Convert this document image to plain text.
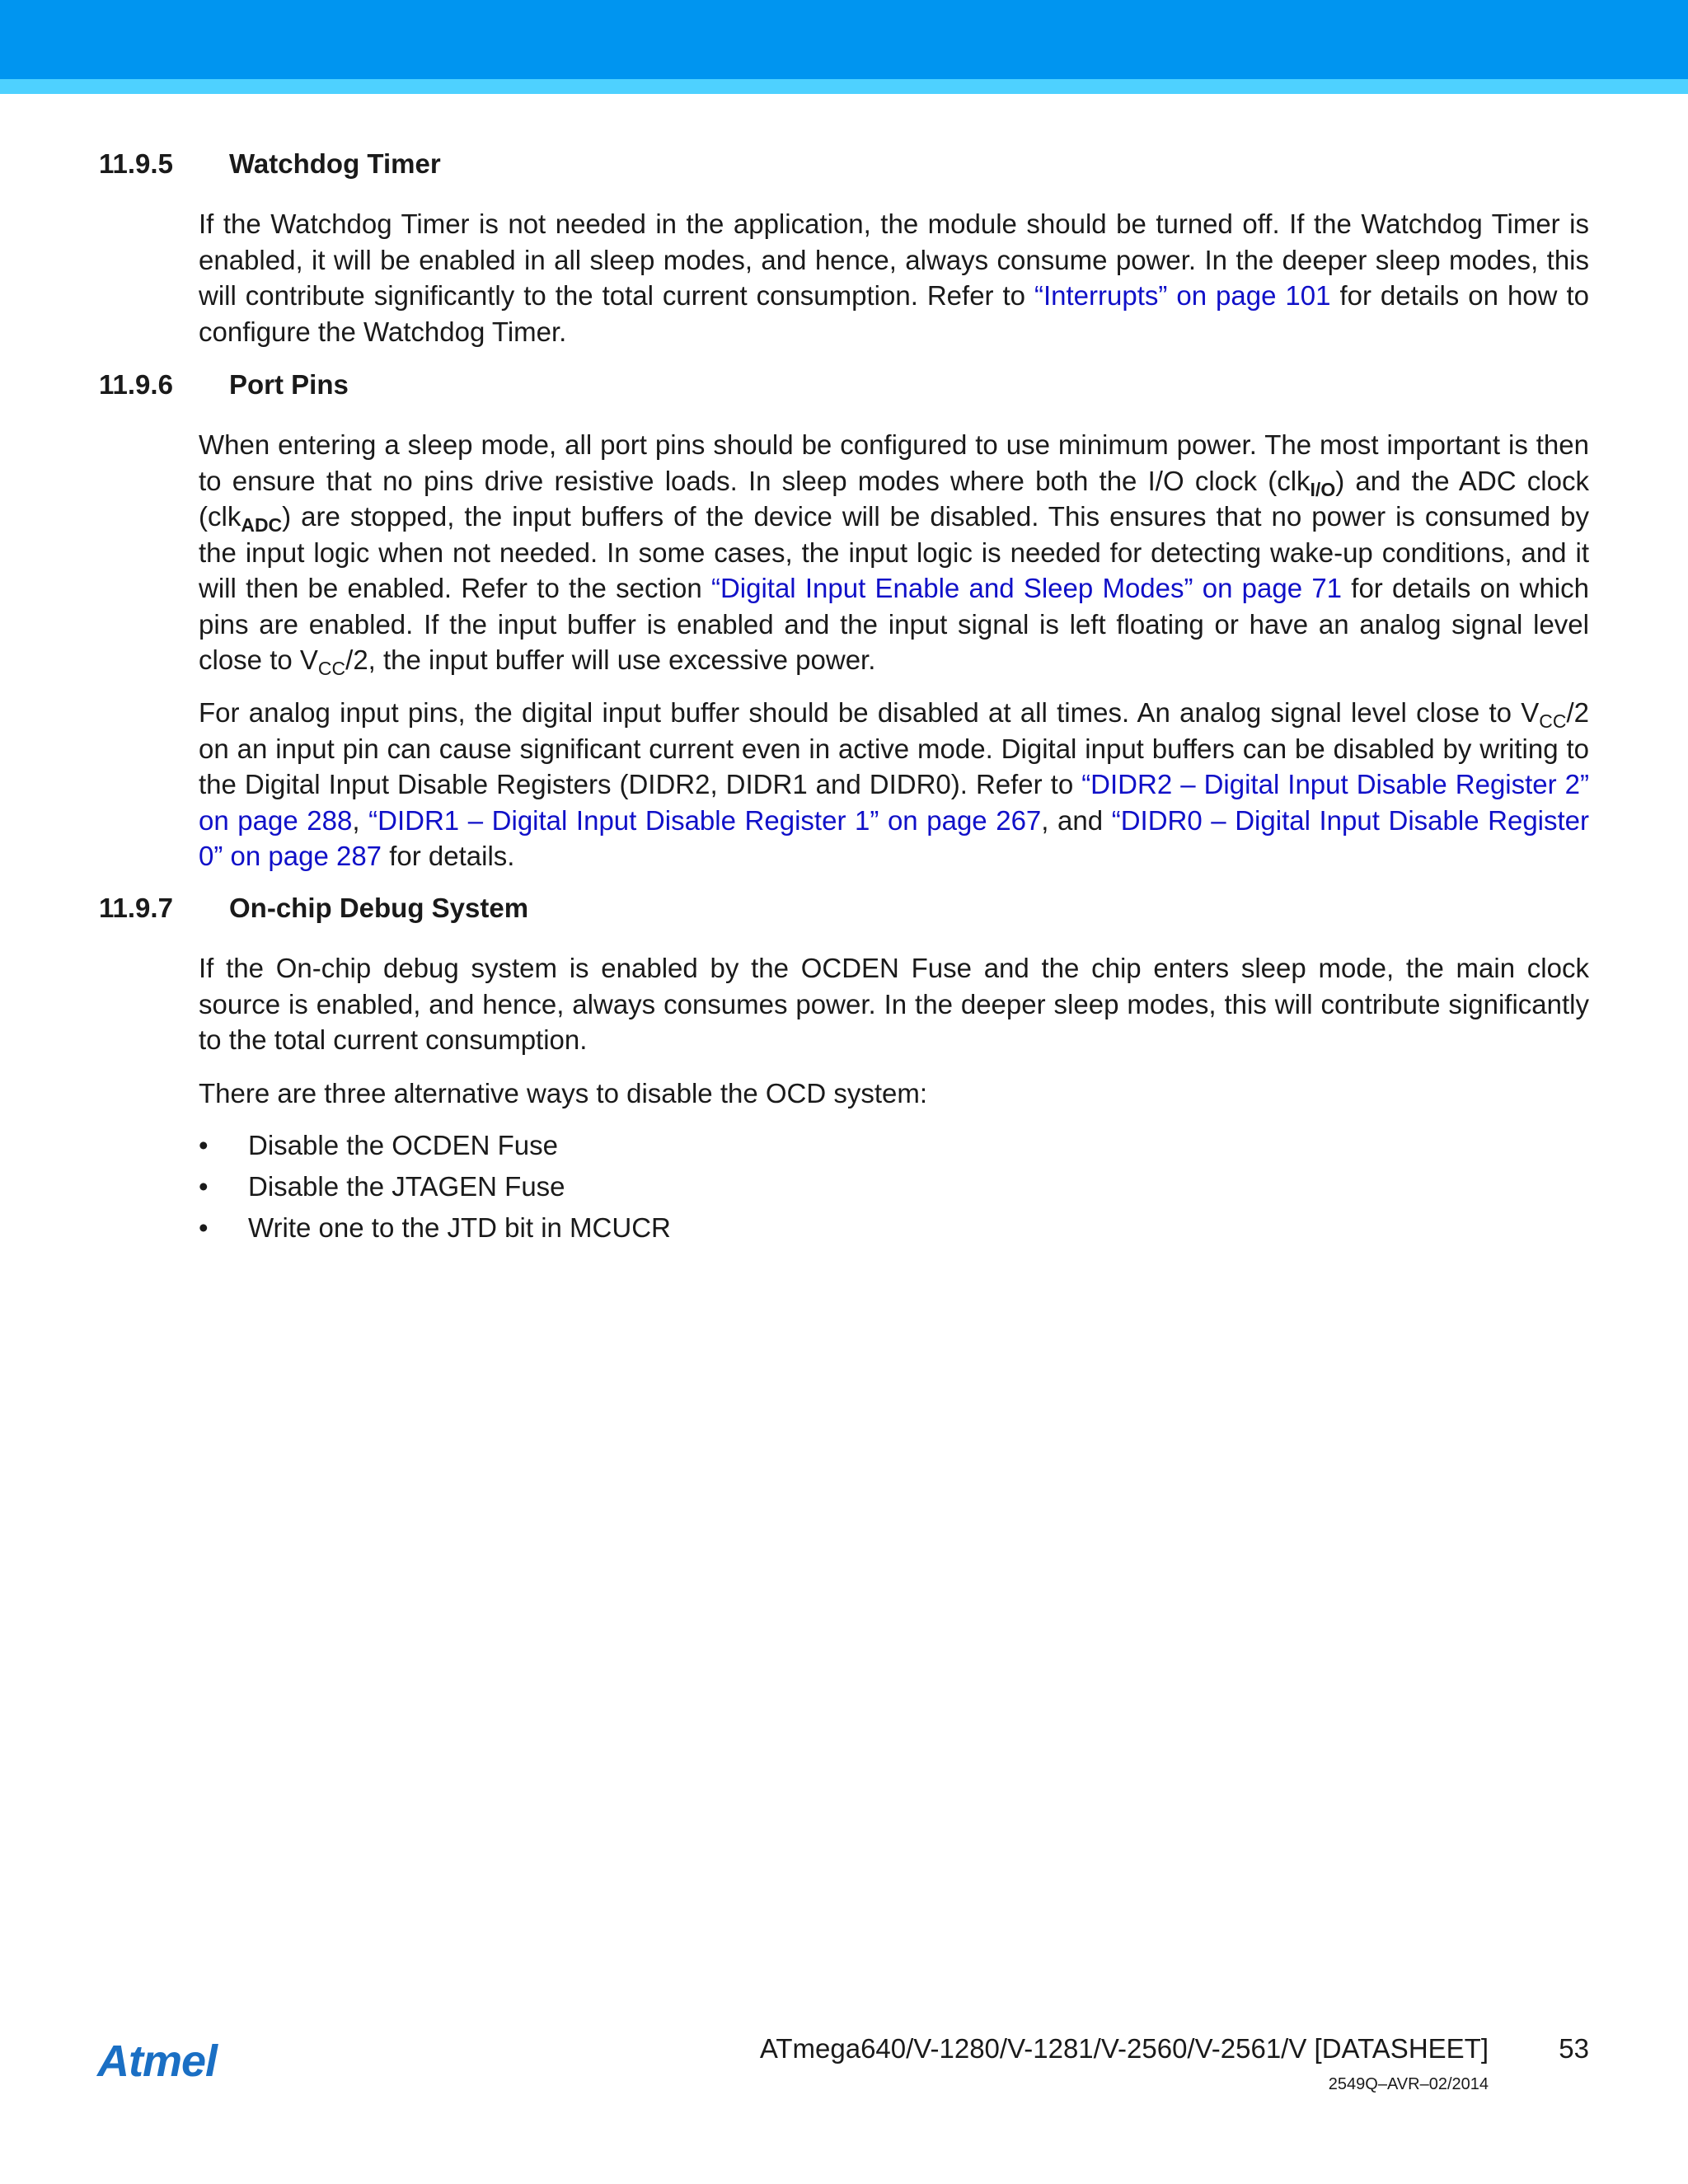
11.9.5 Watchdog Timer

If the Watchdog Timer is not needed in the application, the module should be turned off. If the Watchdog Timer is enabled, it will be enabled in all sleep modes, and hence, always consume power. In the deeper sleep modes, this will contribute significantly to the total current consumption. Refer to “Interrupts” on page 101 for details on how to configure the Watchdog Timer.

11.9.6 Port Pins

When entering a sleep mode, all port pins should be configured to use minimum power. The most important is then to ensure that no pins drive resistive loads. In sleep modes where both the I/O clock (clk$_{I/O}$) and the ADC clock (clk$_{ADC}$) are stopped, the input buffers of the device will be disabled. This ensures that no power is consumed by the input logic when not needed. In some cases, the input logic is needed for detecting wake-up conditions, and it will then be enabled. Refer to the section “Digital Input Enable and Sleep Modes” on page 71 for details on which pins are enabled. If the input buffer is enabled and the input signal is left floating or have an analog signal level close to $V_{CC}/2$, the input buffer will use excessive power.

For analog input pins, the digital input buffer should be disabled at all times. An analog signal level close to $V_{CC}/2$ on an input pin can cause significant current even in active mode. Digital input buffers can be disabled by writing to the Digital Input Disable Registers (DIDR2, DIDR1 and DIDR0). Refer to “DIDR2 – Digital Input Disable Register 2” on page 288, “DIDR1 – Digital Input Disable Register 1” on page 267, and “DIDR0 – Digital Input Disable Register 0” on page 287 for details.

11.9.7 On-chip Debug System

If the On-chip debug system is enabled by the OCDEN Fuse and the chip enters sleep mode, the main clock source is enabled, and hence, always consumes power. In the deeper sleep modes, this will contribute significantly to the total current consumption.

There are three alternative ways to disable the OCD system:

• Disable the OCDEN Fuse
• Disable the JTAGEN Fuse
• Write one to the JTD bit in MCUCR
Atmel	ATmega640/V-1280/V-1281/V-2560/V-2561/V [DATASHEET]	53
2549Q–AVR–02/2014
